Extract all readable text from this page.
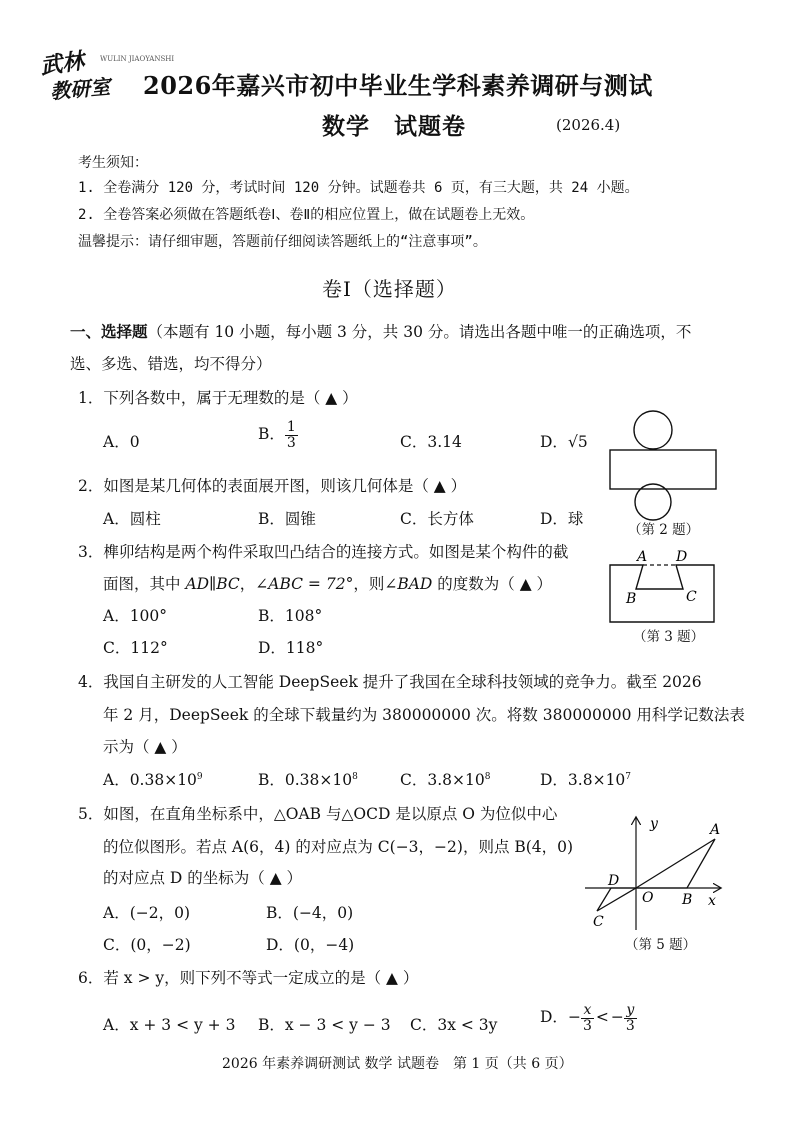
武林
教研室
WULIN JIAOYANSHI
2026年嘉兴市初中毕业生学科素养调研与测试
数学　试题卷	(2026.4)
考生须知：
1. 全卷满分 120 分，考试时间 120 分钟。试题卷共 6 页，有三大题，共 24 小题。
2. 全卷答案必须做在答题纸卷Ⅰ、卷Ⅱ的相应位置上，做在试题卷上无效。
温馨提示：请仔细审题，答题前仔细阅读答题纸上的“注意事项”。
卷Ⅰ（选择题）
一、选择题（本题有 10 小题，每小题 3 分，共 30 分。请选出各题中唯一的正确选项，不
选、多选、错选，均不得分）
1．下列各数中，属于无理数的是（ ▲ ）
A．0	B． $\frac{1}{3}$	C．3.14	D．√5
（第 2 题）
2．如图是某几何体的表面展开图，则该几何体是（ ▲ ）
A．圆柱	B．圆锥	C．长方体	D．球
3．榫卯结构是两个构件采取凹凸结合的连接方式。如图是某个构件的截
面图，其中 AD∥BC，∠ABC = 72°，则∠BAD 的度数为（ ▲ ）
A．100°	B．108°
C．112°	D．118°
A D
B	C
（第 3 题）
4．我国自主研发的人工智能 DeepSeek 提升了我国在全球科技领域的竞争力。截至 2026
年 2 月，DeepSeek 的全球下载量约为 380000000 次。将数 380000000 用科学记数法表
示为（ ▲ ）
A．$0.38\times 10^9$	B．$0.38\times 10^8$	C．$3.8\times 10^8$	D．$3.8\times 10^7$
5．如图，在直角坐标系中，△OAB 与△OCD 是以原点 O 为位似中心
的位似图形。若点 A(6，4) 的对应点为 C(−3，−2)，则点 B(4，0)
的对应点 D 的坐标为（ ▲ ）
A．(−2，0)	B．(−4，0)
C．(0，−2)	D．(0，−4)
y
x
A
O B
D
C
（第 5 题）
6．若 x > y，则下列不等式一定成立的是（ ▲ ）
A．x + 3 < y + 3 B．x − 3 < y − 3 C．3x < 3y	D．− $\frac{x}{3}$ < − $\frac{y}{3}$
2026 年素养调研测试 数学 试题卷　第 1 页（共 6 页）
